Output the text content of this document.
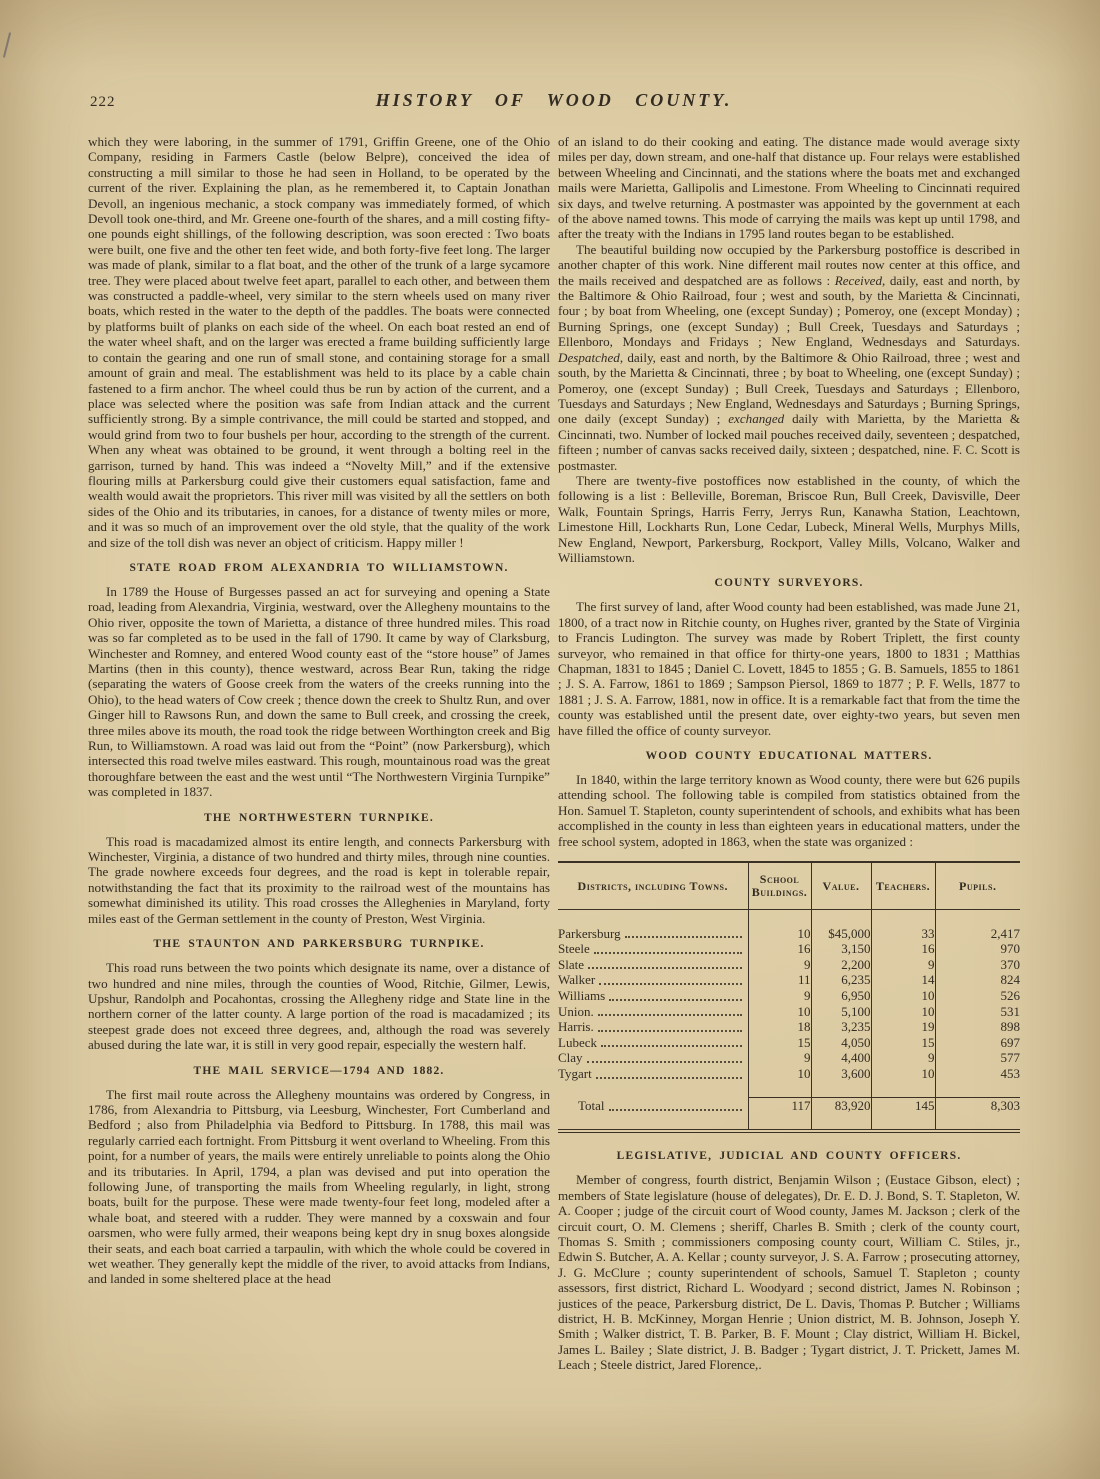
222	HISTORY OF WOOD COUNTY.

which they were laboring, in the summer of 1791, Griffin Greene, one of the Ohio Company, residing in Farmers Castle (below Belpre), conceived the idea of constructing a mill similar to those he had seen in Holland, to be operated by the current of the river. Explaining the plan, as he remembered it, to Captain Jonathan Devoll, an ingenious mechanic, a stock company was immediately formed, of which Devoll took one-third, and Mr. Greene one-fourth of the shares, and a mill costing fifty-one pounds eight shillings, of the following description, was soon erected : Two boats were built, one five and the other ten feet wide, and both forty-five feet long. The larger was made of plank, similar to a flat boat, and the other of the trunk of a large sycamore tree. They were placed about twelve feet apart, parallel to each other, and between them was constructed a paddle-wheel, very similar to the stern wheels used on many river boats, which rested in the water to the depth of the paddles. The boats were connected by platforms built of planks on each side of the wheel. On each boat rested an end of the water wheel shaft, and on the larger was erected a frame building sufficiently large to contain the gearing and one run of small stone, and containing storage for a small amount of grain and meal. The establishment was held to its place by a cable chain fastened to a firm anchor. The wheel could thus be run by action of the current, and a place was selected where the position was safe from Indian attack and the current sufficiently strong. By a simple contrivance, the mill could be started and stopped, and would grind from two to four bushels per hour, according to the strength of the current. When any wheat was obtained to be ground, it went through a bolting reel in the garrison, turned by hand. This was indeed a “Novelty Mill,” and if the extensive flouring mills at Parkersburg could give their customers equal satisfaction, fame and wealth would await the proprietors. This river mill was visited by all the settlers on both sides of the Ohio and its tributaries, in canoes, for a distance of twenty miles or more, and it was so much of an improvement over the old style, that the quality of the work and size of the toll dish was never an object of criticism. Happy miller !

STATE ROAD FROM ALEXANDRIA TO WILLIAMSTOWN.

In 1789 the House of Burgesses passed an act for surveying and opening a State road, leading from Alexandria, Virginia, westward, over the Allegheny mountains to the Ohio river, opposite the town of Marietta, a distance of three hundred miles. This road was so far completed as to be used in the fall of 1790. It came by way of Clarksburg, Winchester and Romney, and entered Wood county east of the “store house” of James Martins (then in this county), thence westward, across Bear Run, taking the ridge (separating the waters of Goose creek from the waters of the creeks running into the Ohio), to the head waters of Cow creek ; thence down the creek to Shultz Run, and over Ginger hill to Rawsons Run, and down the same to Bull creek, and crossing the creek, three miles above its mouth, the road took the ridge between Worthington creek and Big Run, to Williamstown. A road was laid out from the “Point” (now Parkersburg), which intersected this road twelve miles eastward. This rough, mountainous road was the great thoroughfare between the east and the west until “The Northwestern Virginia Turnpike” was completed in 1837.

THE NORTHWESTERN TURNPIKE.

This road is macadamized almost its entire length, and connects Parkersburg with Winchester, Virginia, a distance of two hundred and thirty miles, through nine counties. The grade nowhere exceeds four degrees, and the road is kept in tolerable repair, notwithstanding the fact that its proximity to the railroad west of the mountains has somewhat diminished its utility. This road crosses the Alleghenies in Maryland, forty miles east of the German settlement in the county of Preston, West Virginia.

THE STAUNTON AND PARKERSBURG TURNPIKE.

This road runs between the two points which designate its name, over a distance of two hundred and nine miles, through the counties of Wood, Ritchie, Gilmer, Lewis, Upshur, Randolph and Pocahontas, crossing the Allegheny ridge and State line in the northern corner of the latter county. A large portion of the road is macadamized ; its steepest grade does not exceed three degrees, and, although the road was severely abused during the late war, it is still in very good repair, especially the western half.

THE MAIL SERVICE—1794 AND 1882.

The first mail route across the Allegheny mountains was ordered by Congress, in 1786, from Alexandria to Pittsburg, via Leesburg, Winchester, Fort Cumberland and Bedford ; also from Philadelphia via Bedford to Pittsburg. In 1788, this mail was regularly carried each fortnight. From Pittsburg it went overland to Wheeling. From this point, for a number of years, the mails were entirely unreliable to points along the Ohio and its tributaries. In April, 1794, a plan was devised and put into operation the following June, of transporting the mails from Wheeling regularly, in light, strong boats, built for the purpose. These were made twenty-four feet long, modeled after a whale boat, and steered with a rudder. They were manned by a coxswain and four oarsmen, who were fully armed, their weapons being kept dry in snug boxes alongside their seats, and each boat carried a tarpaulin, with which the whole could be covered in wet weather. They generally kept the middle of the river, to avoid attacks from Indians, and landed in some sheltered place at the head

of an island to do their cooking and eating. The distance made would average sixty miles per day, down stream, and one-half that distance up. Four relays were established between Wheeling and Cincinnati, and the stations where the boats met and exchanged mails were Marietta, Gallipolis and Limestone. From Wheeling to Cincinnati required six days, and twelve returning. A postmaster was appointed by the government at each of the above named towns. This mode of carrying the mails was kept up until 1798, and after the treaty with the Indians in 1795 land routes began to be established.

The beautiful building now occupied by the Parkersburg postoffice is described in another chapter of this work. Nine different mail routes now center at this office, and the mails received and despatched are as follows : Received, daily, east and north, by the Baltimore & Ohio Railroad, four ; west and south, by the Marietta & Cincinnati, four ; by boat from Wheeling, one (except Sunday) ; Pomeroy, one (except Monday) ; Burning Springs, one (except Sunday) ; Bull Creek, Tuesdays and Saturdays ; Ellenboro, Mondays and Fridays ; New England, Wednesdays and Saturdays. Despatched, daily, east and north, by the Baltimore & Ohio Railroad, three ; west and south, by the Marietta & Cincinnati, three ; by boat to Wheeling, one (except Sunday) ; Pomeroy, one (except Sunday) ; Bull Creek, Tuesdays and Saturdays ; Ellenboro, Tuesdays and Saturdays ; New England, Wednesdays and Saturdays ; Burning Springs, one daily (except Sunday) ; exchanged daily with Marietta, by the Marietta & Cincinnati, two. Number of locked mail pouches received daily, seventeen ; despatched, fifteen ; number of canvas sacks received daily, sixteen ; despatched, nine. F. C. Scott is postmaster.

There are twenty-five postoffices now established in the county, of which the following is a list : Belleville, Boreman, Briscoe Run, Bull Creek, Davisville, Deer Walk, Fountain Springs, Harris Ferry, Jerrys Run, Kanawha Station, Leachtown, Limestone Hill, Lockharts Run, Lone Cedar, Lubeck, Mineral Wells, Murphys Mills, New England, Newport, Parkersburg, Rockport, Valley Mills, Volcano, Walker and Williamstown.

COUNTY SURVEYORS.

The first survey of land, after Wood county had been established, was made June 21, 1800, of a tract now in Ritchie county, on Hughes river, granted by the State of Virginia to Francis Ludington. The survey was made by Robert Triplett, the first county surveyor, who remained in that office for thirty-one years, 1800 to 1831 ; Matthias Chapman, 1831 to 1845 ; Daniel C. Lovett, 1845 to 1855 ; G. B. Samuels, 1855 to 1861 ; J. S. A. Farrow, 1861 to 1869 ; Sampson Piersol, 1869 to 1877 ; P. F. Wells, 1877 to 1881 ; J. S. A. Farrow, 1881, now in office. It is a remarkable fact that from the time the county was established until the present date, over eighty-two years, but seven men have filled the office of county surveyor.

WOOD COUNTY EDUCATIONAL MATTERS.

In 1840, within the large territory known as Wood county, there were but 626 pupils attending school. The following table is compiled from statistics obtained from the Hon. Samuel T. Stapleton, county superintendent of schools, and exhibits what has been accomplished in the county in less than eighteen years in educational matters, under the free school system, adopted in 1863, when the state was organized :

Districts, including Towns.	School Buildings.	Value.	Teachers.	Pupils.

Parkersburg	10	$45,000	33	2,417

Steele	16	3,150	16	970

Slate	9	2,200	9	370

Walker	11	6,235	14	824

Williams	9	6,950	10	526

Union.	10	5,100	10	531

Harris.	18	3,235	19	898

Lubeck	15	4,050	15	697

Clay	9	4,400	9	577

Tygart	10	3,600	10	453

Total	117	83,920	145	8,303

LEGISLATIVE, JUDICIAL AND COUNTY OFFICERS.

Member of congress, fourth district, Benjamin Wilson ; (Eustace Gibson, elect) ; members of State legislature (house of delegates), Dr. E. D. J. Bond, S. T. Stapleton, W. A. Cooper ; judge of the circuit court of Wood county, James M. Jackson ; clerk of the circuit court, O. M. Clemens ; sheriff, Charles B. Smith ; clerk of the county court, Thomas S. Smith ; commissioners composing county court, William C. Stiles, jr., Edwin S. Butcher, A. A. Kellar ; county surveyor, J. S. A. Farrow ; prosecuting attorney, J. G. McClure ; county superintendent of schools, Samuel T. Stapleton ; county assessors, first district, Richard L. Woodyard ; second district, James N. Robinson ; justices of the peace, Parkersburg district, De L. Davis, Thomas P. Butcher ; Williams district, H. B. McKinney, Morgan Henrie ; Union district, M. B. Johnson, Joseph Y. Smith ; Walker district, T. B. Parker, B. F. Mount ; Clay district, William H. Bickel, James L. Bailey ; Slate district, J. B. Badger ; Tygart district, J. T. Prickett, James M. Leach ; Steele district, Jared Florence,.
